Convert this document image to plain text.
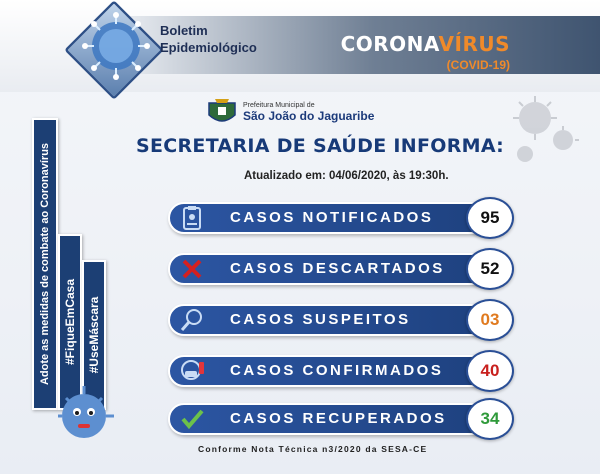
Boletim
Epidemiológico	CORONAVÍRUS
(COVID-19)
Prefeitura Municipal de
São João do Jaguaribe
SECRETARIA DE SAÚDE INFORMA:
Atualizado em: 04/06/2020, às 19:30h.
Adote as medidas de combate ao Coronavírus #FiqueEmCasa #UseMáscara
CASOS NOTIFICADOS	95
CASOS DESCARTADOS	52
CASOS SUSPEITOS	03
CASOS CONFIRMADOS	40
CASOS RECUPERADOS	34
Conforme Nota Técnica n3/2020 da SESA-CE
